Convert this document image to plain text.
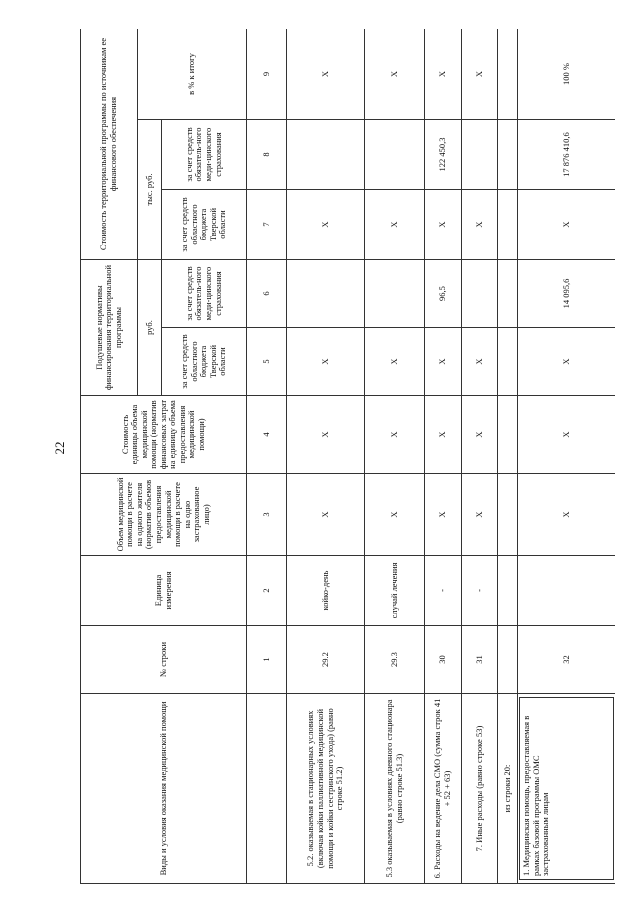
22
Виды и условия оказания медицинской помощи	№ строки	Единица измерения	Объем медицинской помощи в расчете на одного жителя (норматив объемов предоставления медицинской помощи в расчете на одно застрахованное лицо)	Стоимость единицы объема медицинской помощи (норматив финансовых затрат на единицу объема предоставления медицинской помощи)	Подушевые нормативы финансирования территориальной программы		Стоимость территориальной программы по источникам ее финансового обеспечения		
					руб.		тыс. руб.		в % к итогу
					за счет средств областного бюджета Тверской области	за счет средств обязатель-ного меди-цинского страхования	за счет средств областного бюджета Тверской области	за счет средств обязатель-ного меди-цинского страхования	
	1	2	3	4	5	6	7	8	9
5.2. оказываемая в стационарных условиях (включая койки паллиативной медицинской помощи и койки сестринского ухода) (равно строке 51.2)	29.2	койко-день	X	X	X		X		X
5.3 оказываемая в условиях дневного стационара (равно строке 51.3)	29.3	случай лечения	X	X	X		X		X
6. Расходы на ведение дела СМО (сумма строк 41 + 52 + 63)	30	-	X	X	X	96,5	X	122 450,3	X
7. Иные расходы (равно строке 53)	31	-	X	X	X		X		X
из строки 20:									

1. Медицинская помощь, предоставляемая в рамках базовой программы ОМС застрахованным лицам	32		X	X	X	14 095,6	X	17 876 410,6	100 %
